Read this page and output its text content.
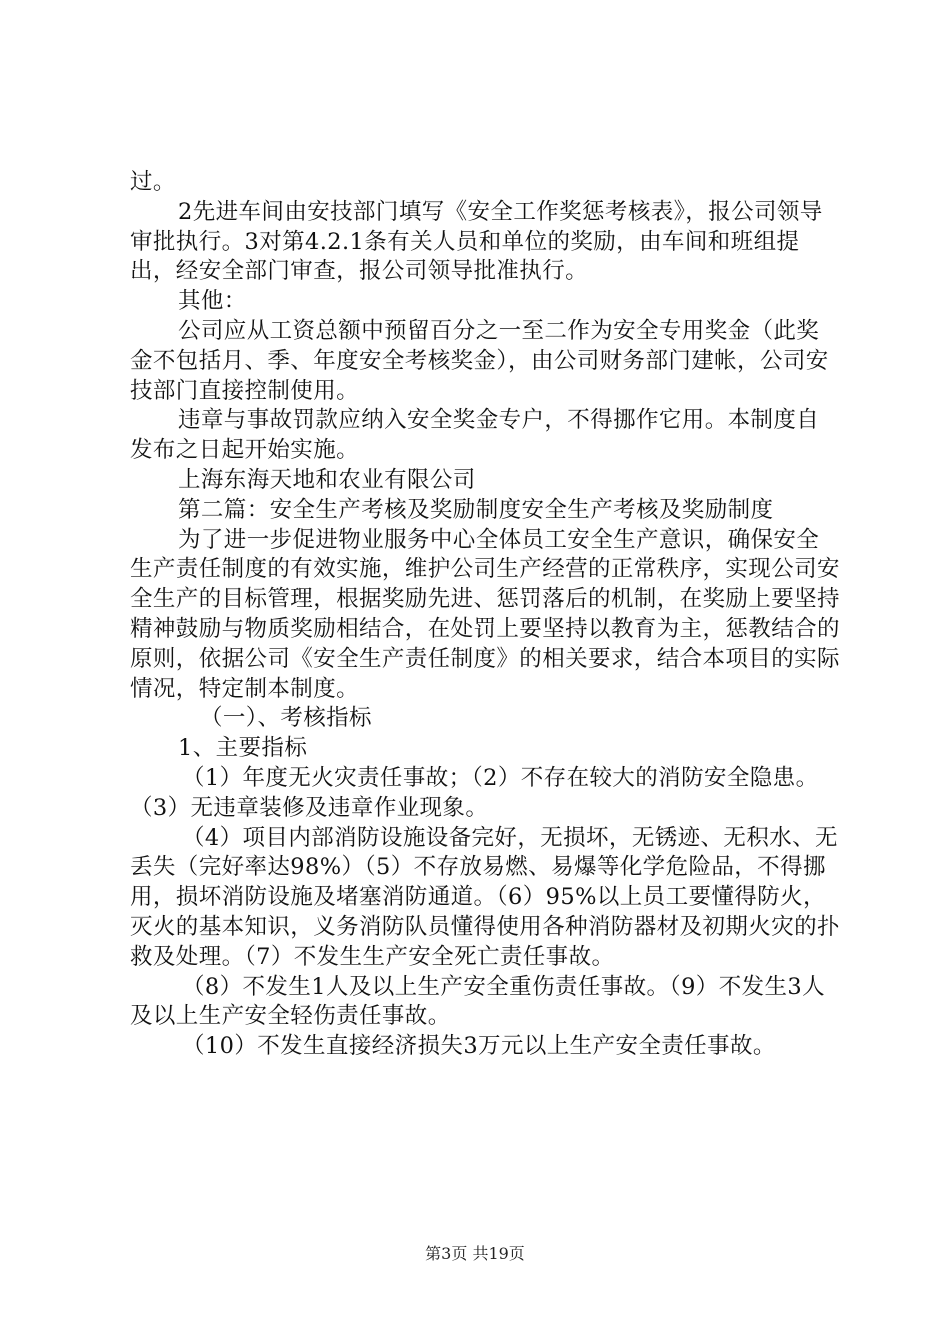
过。

2先进车间由安技部门填写《安全工作奖惩考核表》，报公司领导审批执行。3对第4.2.1条有关人员和单位的奖励，由车间和班组提出，经安全部门审查，报公司领导批准执行。

其他：

公司应从工资总额中预留百分之一至二作为安全专用奖金（此奖金不包括月、季、年度安全考核奖金），由公司财务部门建帐，公司安技部门直接控制使用。

违章与事故罚款应纳入安全奖金专户，不得挪作它用。本制度自发布之日起开始实施。

上海东海天地和农业有限公司

第二篇：安全生产考核及奖励制度安全生产考核及奖励制度

为了进一步促进物业服务中心全体员工安全生产意识，确保安全生产责任制度的有效实施，维护公司生产经营的正常秩序，实现公司安全生产的目标管理，根据奖励先进、惩罚落后的机制，在奖励上要坚持精神鼓励与物质奖励相结合，在处罚上要坚持以教育为主，惩教结合的原则，依据公司《安全生产责任制度》的相关要求，结合本项目的实际情况，特定制本制度。

（一）、考核指标

1、主要指标

（1）年度无火灾责任事故；（2）不存在较大的消防安全隐患。（3）无违章装修及违章作业现象。

（4）项目内部消防设施设备完好，无损坏，无锈迹、无积水、无丢失（完好率达98%）（5）不存放易燃、易爆等化学危险品，不得挪用，损坏消防设施及堵塞消防通道。（6）95%以上员工要懂得防火，灭火的基本知识，义务消防队员懂得使用各种消防器材及初期火灾的扑救及处理。（7）不发生生产安全死亡责任事故。

（8）不发生1人及以上生产安全重伤责任事故。（9）不发生3人及以上生产安全轻伤责任事故。

（10）不发生直接经济损失3万元以上生产安全责任事故。

第3页 共19页
